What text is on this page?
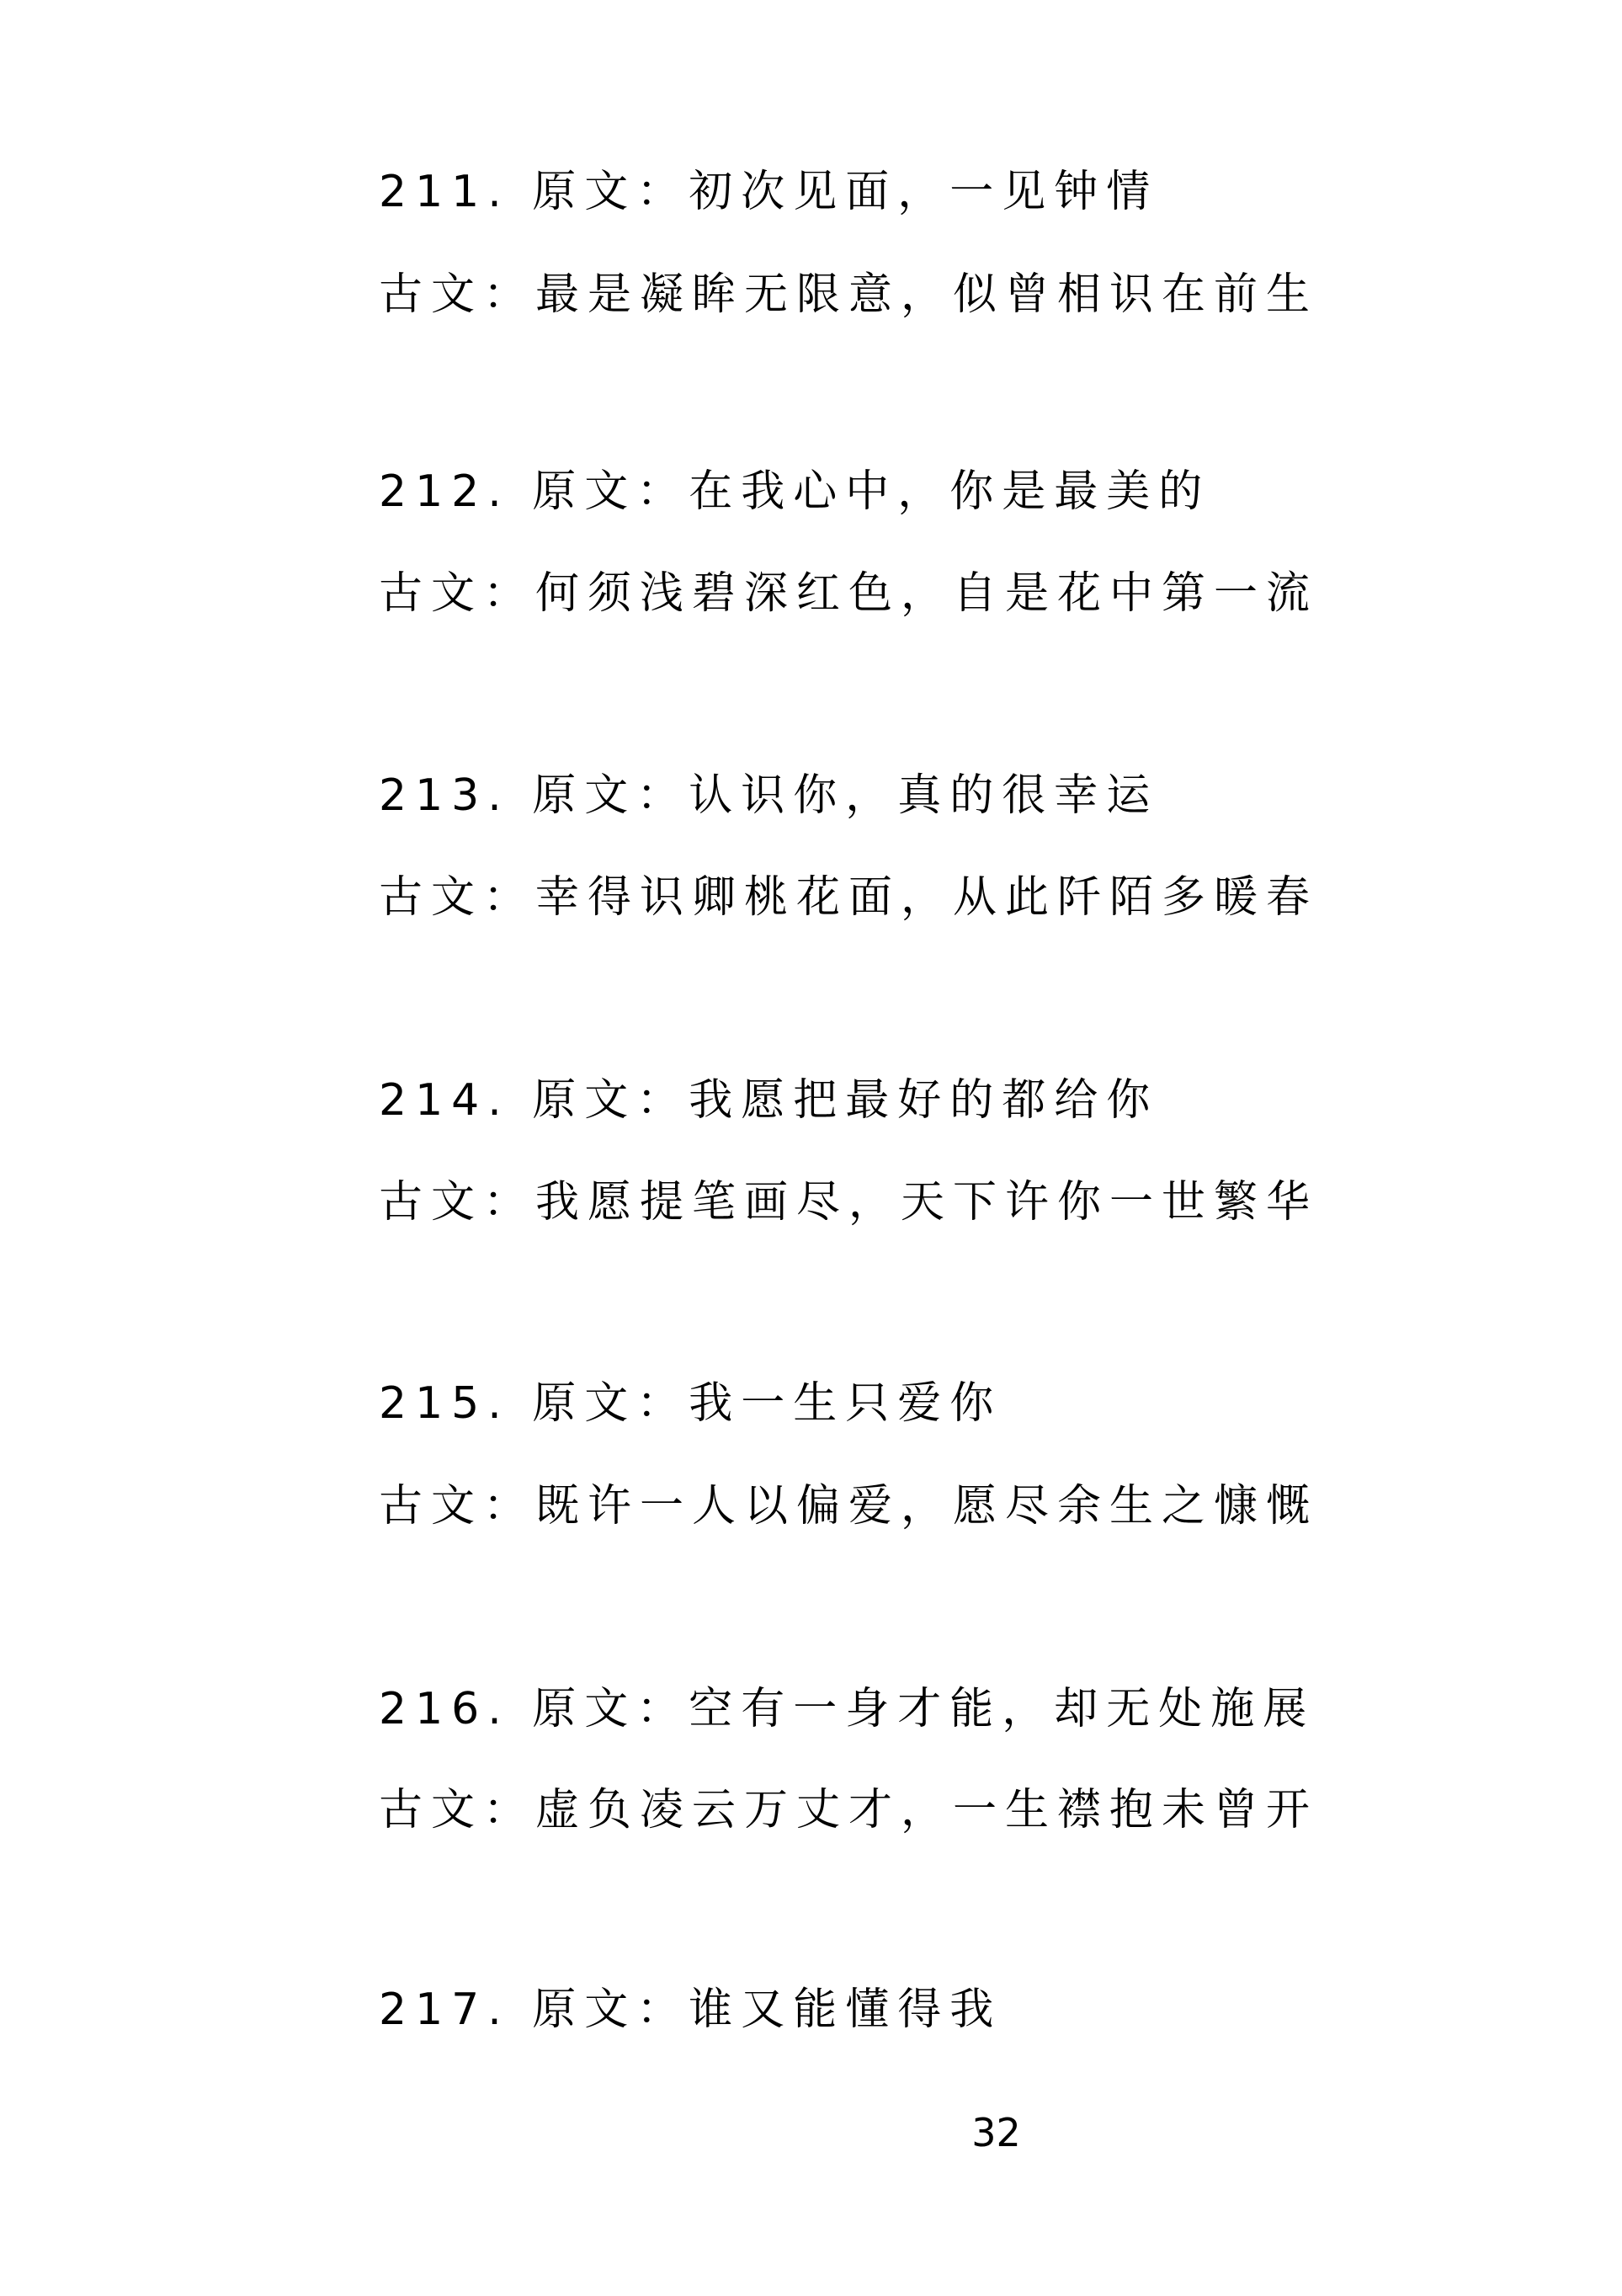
211. 原文：初次见面，一见钟情
古文：最是凝眸无限意，似曾相识在前生
212. 原文：在我心中，你是最美的
古文：何须浅碧深红色，自是花中第一流
213. 原文：认识你，真的很幸运
古文：幸得识卿桃花面，从此阡陌多暖春
214. 原文：我愿把最好的都给你
古文：我愿提笔画尽，天下许你一世繁华
215. 原文：我一生只爱你
古文：既许一人以偏爱，愿尽余生之慷慨
216. 原文：空有一身才能，却无处施展
古文：虚负凌云万丈才，一生襟抱未曾开
217. 原文：谁又能懂得我
32
